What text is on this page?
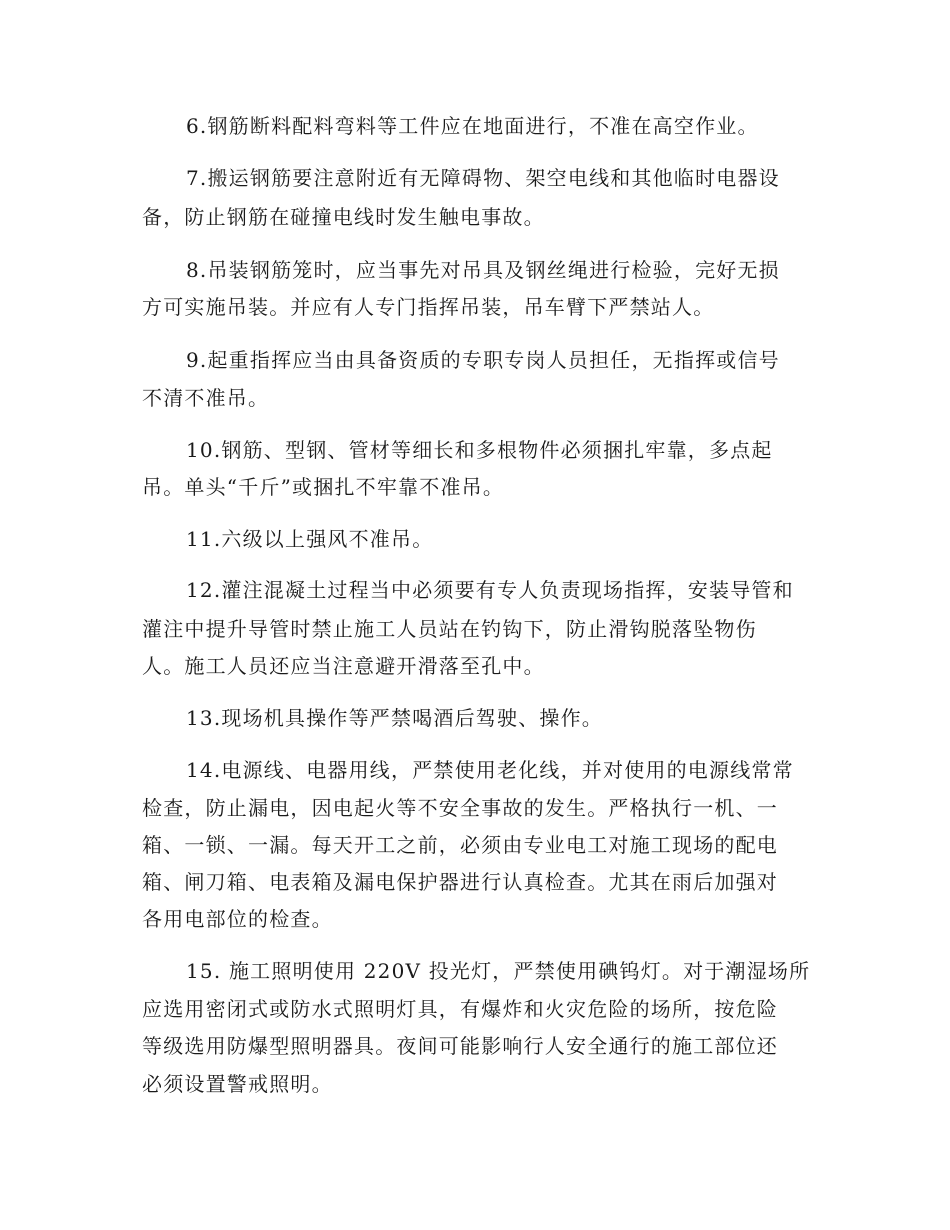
6.钢筋断料配料弯料等工件应在地面进行，不准在高空作业。
7.搬运钢筋要注意附近有无障碍物、架空电线和其他临时电器设
备，防止钢筋在碰撞电线时发生触电事故。
8.吊装钢筋笼时，应当事先对吊具及钢丝绳进行检验，完好无损
方可实施吊装。并应有人专门指挥吊装，吊车臂下严禁站人。
9.起重指挥应当由具备资质的专职专岗人员担任，无指挥或信号
不清不准吊。
10.钢筋、型钢、管材等细长和多根物件必须捆扎牢靠，多点起
吊。单头“千斤”或捆扎不牢靠不准吊。
11.六级以上强风不准吊。
12.灌注混凝土过程当中必须要有专人负责现场指挥，安装导管和
灌注中提升导管时禁止施工人员站在钓钩下，防止滑钩脱落坠物伤
人。施工人员还应当注意避开滑落至孔中。
13.现场机具操作等严禁喝酒后驾驶、操作。
14.电源线、电器用线，严禁使用老化线，并对使用的电源线常常
检查，防止漏电，因电起火等不安全事故的发生。严格执行一机、一
箱、一锁、一漏。每天开工之前，必须由专业电工对施工现场的配电
箱、闸刀箱、电表箱及漏电保护器进行认真检查。尤其在雨后加强对
各用电部位的检查。
15. 施工照明使用 220V 投光灯，严禁使用碘钨灯。对于潮湿场所
应选用密闭式或防水式照明灯具，有爆炸和火灾危险的场所，按危险
等级选用防爆型照明器具。夜间可能影响行人安全通行的施工部位还
必须设置警戒照明。
